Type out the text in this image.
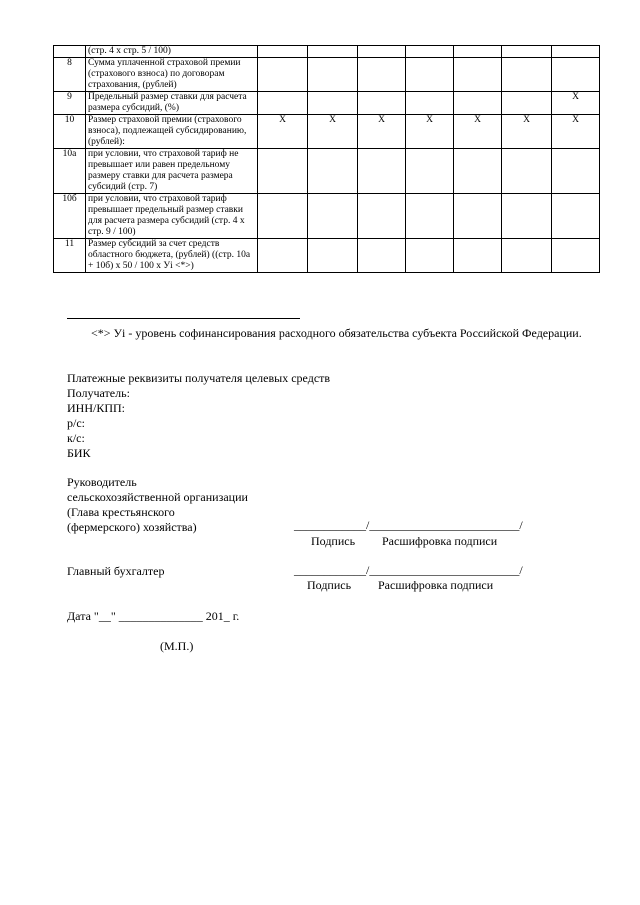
	(стр. 4 х стр. 5 / 100)							
8	Сумма уплаченной страховой премии (страхового взноса) по договорам страхования, (рублей)							
9	Предельный размер ставки для расчета размера субсидий, (%)							Х
10	Размер страховой премии (страхового взноса), подлежащей субсидированию, (рублей):	Х	Х	Х	Х	Х	Х	Х
10а	при условии, что страховой тариф не превышает или равен предельному размеру ставки для расчета размера субсидий (стр. 7)							
10б	при условии, что страховой тариф превышает предельный размер ставки для расчета размера субсидий (стр. 4 х стр. 9 / 100)							
11	Размер субсидий за счет средств областного бюджета, (рублей) ((стр. 10а + 10б) х 50 / 100 х Уi <*>)							
<*> Уi - уровень софинансирования расходного обязательства субъекта Российской Федерации.
Платежные реквизиты получателя целевых средств
Получатель:
ИНН/КПП:
р/с:
к/с:
БИК
Руководитель
сельскохозяйственной организации
(Глава крестьянского
(фермерского) хозяйства)	____________/_________________________/
Подпись Расшифровка подписи
Главный бухгалтер	____________/_________________________/
Подпись Расшифровка подписи
Дата "__" ______________ 201_ г.
(М.П.)
